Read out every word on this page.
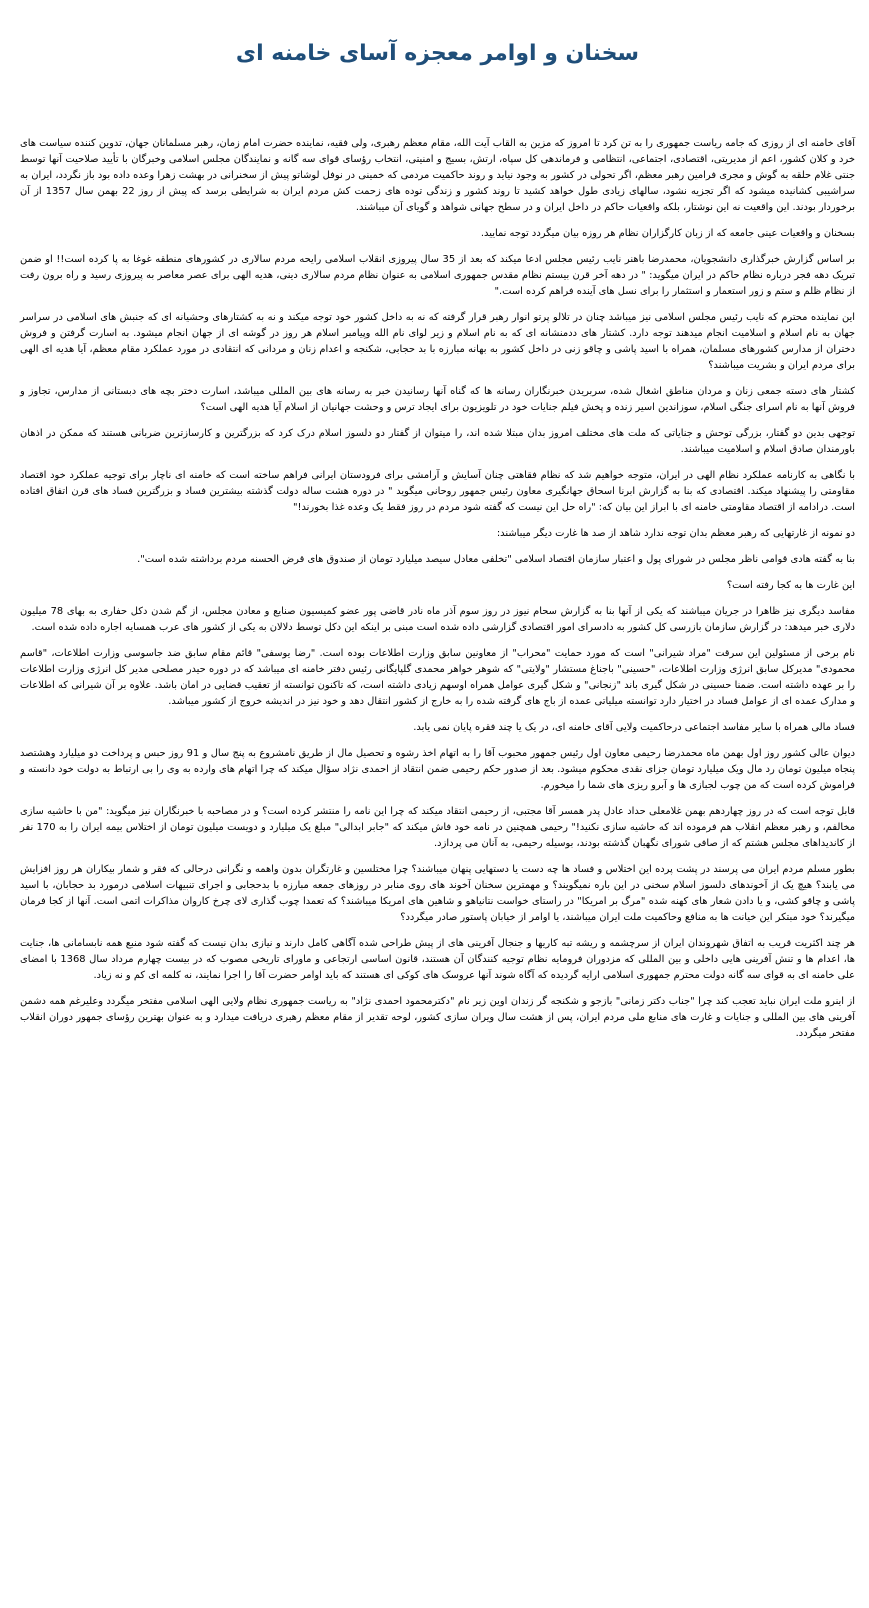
سخنان و اوامر معجزه آسای خامنه ای

آقای خامنه ای از روزی که جامه ریاست جمهوری را به تن کرد تا امروز که مزین به القاب آیت الله، مقام معظم رهبری، ولی فقیه، نماینده حضرت امام زمان، رهبر مسلمانان جهان، تدوین کننده سیاست های خرد و کلان کشور، اعم از مدیریتی، اقتصادی، اجتماعی، انتظامی و فرماندهی کل سپاه، ارتش، بسیج و امنیتی، انتخاب رؤسای قوای سه گانه و نمایندگان مجلس اسلامی وخبرگان با تأیید صلاحیت آنها توسط جنتی غلام حلقه به گوش و مجری فرامین رهبر معظم، اگر تحولی در کشور به وجود نیاید و روند حاکمیت مردمی که خمینی در نوفل لوشاتو پیش از سخنرانی در بهشت زهرا وعده داده بود باز نگردد، ایران به سراشیبی کشانیده میشود که اگر تجزیه نشود، سالهای زیادی طول خواهد کشید تا روند کشور و زندگی توده های زحمت کش مردم ایران به شرایطی برسد که پیش از روز 22 بهمن سال 1357 از آن برخوردار بودند. این واقعیت نه این نوشتار، بلکه واقعیات حاکم در داخل ایران و در سطح جهانی شواهد و گویای آن میباشند.

بسخنان و واقعیات عینی جامعه که از زبان کارگزاران نظام هر روزه بیان میگردد توجه نمایید.

بر اساس گزارش خبرگذاری دانشجویان، محمدرضا باهنر نایب رئیس مجلس ادعا میکند که بعد از 35 سال پیروزی انقلاب اسلامی رایحه مردم سالاری در کشورهای منطقه غوغا به پا کرده است!! او ضمن تبریک دهه فجر درباره نظام حاکم در ایران میگوید: " در دهه آخر قرن بیستم نظام مقدس جمهوری اسلامی به عنوان نظام مردم سالاری دینی، هدیه الهی برای عصر معاصر به پیروزی رسید و راه برون رفت از نظام ظلم و ستم و زور استعمار و استثمار را برای نسل های آینده فراهم کرده است."

این نماینده محترم که نایب رئیس مجلس اسلامی نیز میباشد چنان در تلالو پرتو انوار رهبر قرار گرفته که نه به داخل کشور خود توجه میکند و نه به کشتارهای وحشیانه ای که جنبش های اسلامی در سراسر جهان به نام اسلام و اسلامیت انجام میدهند توجه دارد. کشتار های ددمنشانه ای که به نام اسلام و زیر لوای نام الله وپیامبر اسلام هر روز در گوشه ای از جهان انجام میشود. به اسارت گرفتن و فروش دختران از مدارس کشورهای مسلمان، همراه با اسید پاشی و چاقو زنی در داخل کشور به بهانه مبارزه با بد حجابی، شکنجه و اعدام زنان و مردانی که انتقادی در مورد عملکرد مقام معظم، آیا هدیه ای الهی برای مردم ایران و بشریت میباشند؟

کشتار های دسته جمعی زنان و مردان مناطق اشغال شده، سربریدن خبرنگاران رسانه ها که گناه آنها رسانیدن خبر به رسانه های بین المللی میباشد، اسارت دختر بچه های دبستانی از مدارس، تجاوز و فروش آنها به نام اسرای جنگی اسلام، سوزاندین اسیر زنده و پخش فیلم جنایات خود در تلویزیون برای ایجاد ترس و وحشت جهانیان از اسلام آیا هدیه الهی است؟

توجهی بدین دو گفتار، بزرگی توحش و جنایاتی که ملت های مختلف امروز بدان مبتلا شده اند، را میتوان از گفتار دو دلسوز اسلام درک کرد که بزرگترین و کارسازترین ضربانی هستند که ممکن در اذهان باورمندان صادق اسلام و اسلامیت میباشند.

با نگاهی به کارنامه عملکرد نظام الهی در ایران، متوجه خواهیم شد که نظام فقاهتی چنان آسایش و آرامشی برای فرودستان ایرانی فراهم ساخته است که خامنه ای ناچار برای توجیه عملکرد خود اقتصاد مقاومتی را پیشنهاد میکند. اقتصادی که بنا به گزارش ابرنا اسحاق جهانگیری معاون رئیس جمهور روحانی میگوید " در دوره هشت ساله دولت گذشته بیشترین فساد و بزرگترین فساد های قرن اتفاق افتاده است. درادامه از اقتصاد مقاومتی خامنه ای با ابراز این بیان که: "راه حل این نیست که گفته شود مردم در روز فقط یک وعده غذا بخورند!"

دو نمونه از غارتهایی که رهبر معظم بدان توجه ندارد شاهد از صد ها غارت دیگر میباشند:

بنا به گفته هادی قوامی ناظر مجلس در شورای پول و اعتبار سازمان اقتصاد اسلامی "تخلفی معادل سیصد میلیارد تومان از صندوق های قرض الحسنه مردم برداشته شده است".

این غارت ها به کجا رفته است؟

مفاسد دیگری نیز ظاهرا در جریان میباشند که یکی از آنها بنا به گزارش سحام نیوز در روز سوم آذر ماه نادر قاضی پور عضو کمیسیون صنایع و معادن مجلس، از گم شدن دکل حفاری به بهای 78 میلیون دلاری خبر میدهد: در گزارش سازمان بازرسی کل کشور به دادسرای امور اقتصادی گزارشی داده شده است مبنی بر اینکه این دکل توسط دلالان به یکی از کشور های عرب همسایه اجاره داده شده است.

نام برخی از مسئولین این سرقت "مراد شیرانی" است که مورد حمایت "محراب" از معاونین سابق وزارت اطلاعات بوده است. "رضا یوسفی" قائم مقام سابق ضد جاسوسی وزارت اطلاعات، "قاسم محمودی" مدیرکل سابق انرژی وزارت اطلاعات، "حسینی" باجناغ مستشار "ولایتی" که شوهر خواهر محمدی گلپایگانی رئیس دفتر خامنه ای میباشد که در دوره حیدر مصلحی مدیر کل انرژی وزارت اطلاعات را بر عهده داشته است. ضمنا حسینی در شکل گیری باند "زنجانی" و شکل گیری عوامل همراه اوسهم زیادی داشته است، که تاکنون توانسته از تعقیب قضایی در امان باشد. علاوه بر آن شیرانی که اطلاعات و مدارک عمده ای از عوامل فساد در اختیار دارد توانسته میلیاتی عمده از باج های گرفته شده را به خارج از کشور انتقال دهد و خود نیز در اندیشه خروج از کشور میباشد.

فساد مالی همراه با سایر مفاسد اجتماعی درحاکمیت ولایی آقای خامنه ای، در یک یا چند فقره پایان نمی یابد.

دیوان عالی کشور روز اول بهمن ماه محمدرضا رحیمی معاون اول رئیس جمهور محبوب آقا را به اتهام اخذ رشوه و تحصیل مال از طریق نامشروع به پنج سال و 91 روز حبس و پرداخت دو میلیارد وهشتصد پنجاه میلیون تومان رد مال ویک میلیارد تومان جزای نقدی محکوم میشود. بعد از صدور حکم رحیمی ضمن انتقاد از احمدی نژاد سؤال میکند که چرا اتهام های وارده به وی را بی ارتباط به دولت خود دانسته و فراموش کرده است که من چوب لجبازی ها و آبرو ریزی های شما را میخورم.

قابل توجه است که در روز چهاردهم بهمن غلامعلی حداد عادل پدر همسر آقا مجتبی، از رحیمی انتقاد میکند که چرا این نامه را منتشر کرده است؟ و در مصاحبه با خبرنگاران نیز میگوید: "من با حاشیه سازی مخالفم، و رهبر معظم انقلاب هم فرموده اند که حاشیه سازی نکنید!" رحیمی همچنین در نامه خود فاش میکند که "جابر ابدالی" مبلغ یک میلیارد و دویست میلیون تومان از اختلاس بیمه ایران را به 170 نفر از کاندیداهای مجلس هشتم که از صافی شورای نگهبان گذشته بودند، بوسیله رحیمی، به آنان می پردازد.

بطور مسلم مردم ایران می پرسند در پشت پرده این اختلاس و فساد ها چه دست یا دستهایی پنهان میباشند؟ چرا مختلسین و غارتگران بدون واهمه و نگرانی درحالی که فقر و شمار بیکاران هر روز افزایش می یابند؟ هیچ یک از آخوندهای دلسوز اسلام سخنی در این باره نمیگویند؟ و مهمترین سخنان آخوند های روی منابر در روزهای جمعه مبارزه با بدحجابی و اجرای تنبیهات اسلامی درمورد بد حجابان، با اسید پاشی و چاقو کشی، و یا دادن شعار های کهنه شده "مرگ بر امریکا" در راستای خواست نتانیاهو و شاهین های امریکا میباشند؟ که تعمدا چوب گذاری لای چرخ کاروان مذاکرات اتمی است. آنها از کجا فرمان میگیرند؟ خود مبتکر این خیانت ها به منافع وحاکمیت ملت ایران میباشند، یا اوامر از خیابان پاستور صادر میگردد؟

هر چند اکثریت قریب به اتفاق شهروندان ایران از سرچشمه و ریشه تبه کاریها و جنجال آفرینی های از پیش طراحی شده آگاهی کامل دارند و نیازی بدان نیست که گفته شود منبع همه نابسامانی ها، جنایت ها، اعدام ها و تنش آفرینی هایی داخلی و بین المللی که مزدوران فرومایه نظام توجیه کنندگان آن هستند، قانون اساسی ارتجاعی و ماورای تاریخی مصوب که در بیست چهارم مرداد سال 1368 با امضای علی خامنه ای به قوای سه گانه دولت محترم جمهوری اسلامی ارایه گردیده که آگاه شوند آنها عروسک های کوکی ای هستند که باید اوامر حضرت آقا را اجرا نمایند، نه کلمه ای کم و نه زیاد.

از اینرو ملت ایران نباید تعجب کند چرا "جناب دکتر زمانی" بازجو و شکنجه گر زندان اوین زیر نام "دکترمحمود احمدی نژاد" به ریاست جمهوری نظام ولایی الهی اسلامی مفتخر میگردد وعلیرغم همه دشمن آفرینی های بین المللی و جنایات و غارت های منابع ملی مردم ایران، پس از هشت سال ویران سازی کشور، لوحه تقدیر از مقام معظم رهبری دریافت میدارد و به عنوان بهترین رؤسای جمهور دوران انقلاب مفتخر میگردد.
